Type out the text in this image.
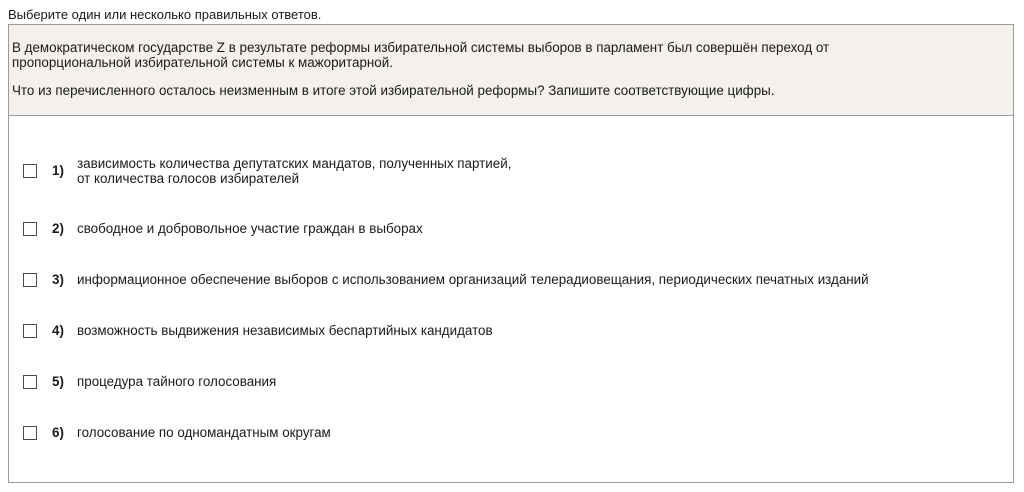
Выберите один или несколько правильных ответов.

В демократическом государстве Z в результате реформы избирательной системы выборов в парламент был совершён переход от
пропорциональной избирательной системы к мажоритарной.

Что из перечисленного осталось неизменным в итоге этой избирательной реформы? Запишите соответствующие цифры.

1) зависимость количества депутатских мандатов, полученных партией,
от количества голосов избирателей
2) свободное и добровольное участие граждан в выборах
3) информационное обеспечение выборов с использованием организаций телерадиовещания, периодических печатных изданий
4) возможность выдвижения независимых беспартийных кандидатов
5) процедура тайного голосования
6) голосование по одномандатным округам
